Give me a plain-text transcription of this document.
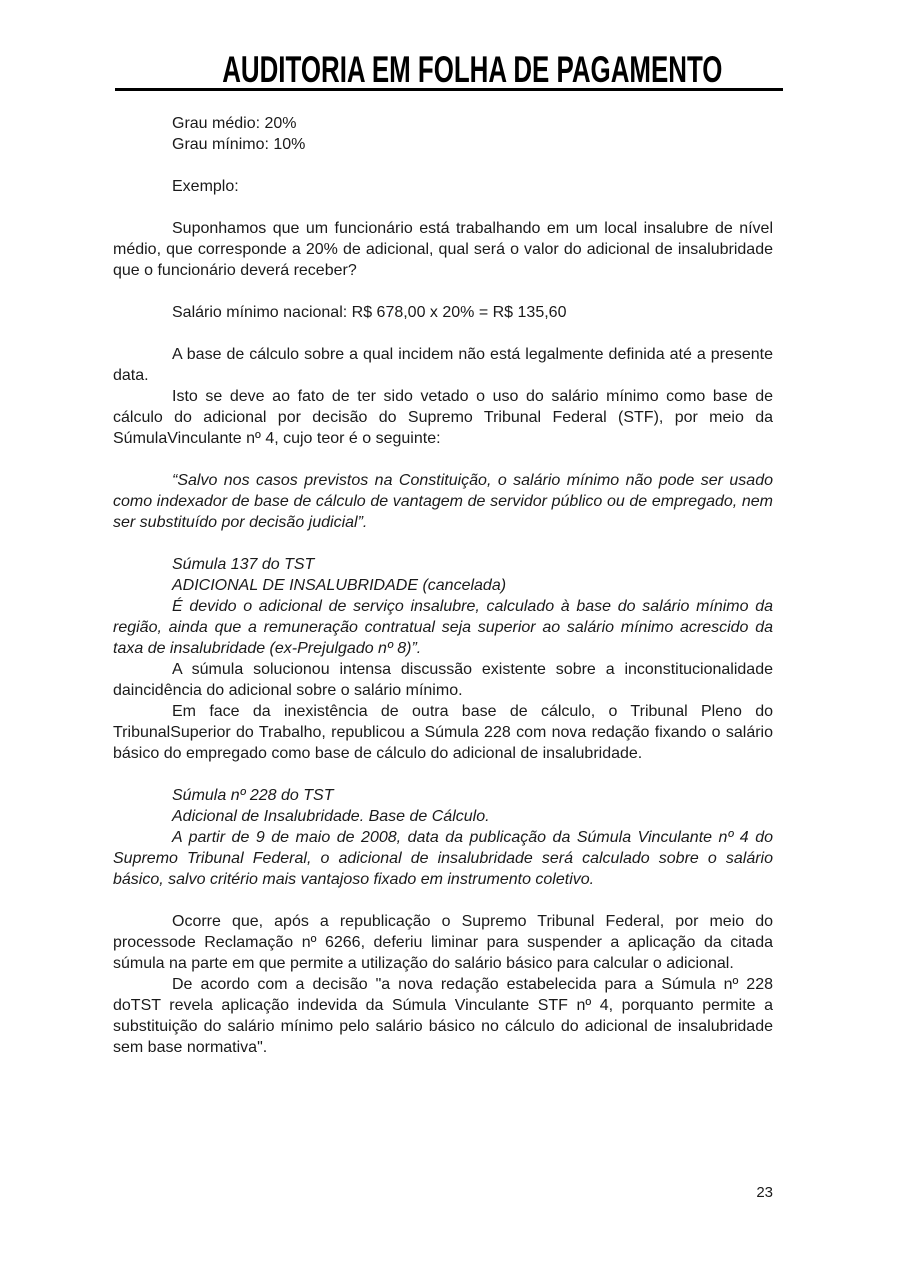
AUDITORIA EM FOLHA DE PAGAMENTO

Grau médio: 20%

Grau mínimo: 10%

Exemplo:

Suponhamos que um funcionário está trabalhando em um local insalubre de nível médio, que corresponde a 20% de adicional, qual será o valor do adicional de insalubridade que o funcionário deverá receber?

Salário mínimo nacional: R$ 678,00 x 20% = R$ 135,60

A base de cálculo sobre a qual incidem não está legalmente definida até a presente data.

Isto se deve ao fato de ter sido vetado o uso do salário mínimo como base de cálculo do adicional por decisão do Supremo Tribunal Federal (STF), por meio da SúmulaVinculante nº 4, cujo teor é o seguinte:

“Salvo nos casos previstos na Constituição, o salário mínimo não pode ser usado como indexador de base de cálculo de vantagem de servidor público ou de empregado, nem ser substituído por decisão judicial”.

Súmula 137 do TST

ADICIONAL DE INSALUBRIDADE (cancelada)

É devido o adicional de serviço insalubre, calculado à base do salário mínimo da região, ainda que a remuneração contratual seja superior ao salário mínimo acrescido da taxa de insalubridade (ex-Prejulgado nº 8)”.

A súmula solucionou intensa discussão existente sobre a inconstitucionalidade daincidência do adicional sobre o salário mínimo.

Em face da inexistência de outra base de cálculo, o Tribunal Pleno do TribunalSuperior do Trabalho, republicou a Súmula 228 com nova redação fixando o salário básico do empregado como base de cálculo do adicional de insalubridade.

Súmula nº 228 do TST

Adicional de Insalubridade. Base de Cálculo.

A partir de 9 de maio de 2008, data da publicação da Súmula Vinculante nº 4 do Supremo Tribunal Federal, o adicional de insalubridade será calculado sobre o salário básico, salvo critério mais vantajoso fixado em instrumento coletivo.

Ocorre que, após a republicação o Supremo Tribunal Federal, por meio do processode Reclamação nº 6266, deferiu liminar para suspender a aplicação da citada súmula na parte em que permite a utilização do salário básico para calcular o adicional.

De acordo com a decisão "a nova redação estabelecida para a Súmula nº 228 doTST revela aplicação indevida da Súmula Vinculante STF nº 4, porquanto permite a substituição do salário mínimo pelo salário básico no cálculo do adicional de insalubridade sem base normativa".

23
